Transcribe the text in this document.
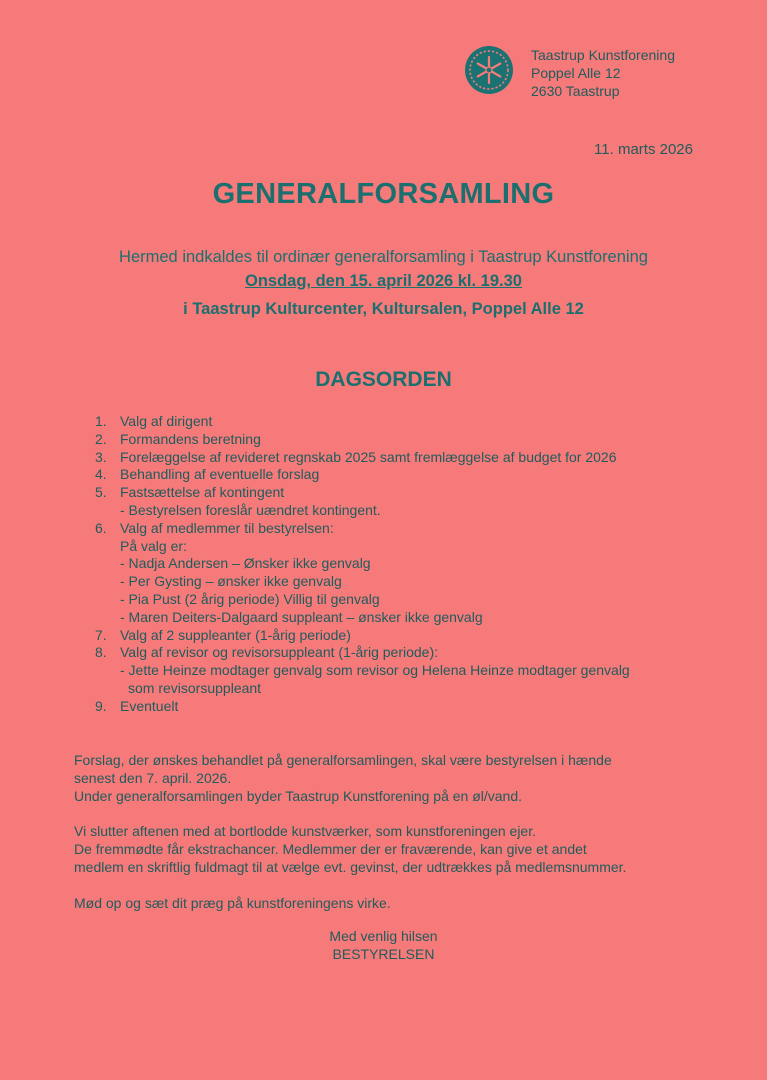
Taastrup Kunstforening
Poppel Alle 12
2630 Taastrup
11. marts 2026
GENERALFORSAMLING
Hermed indkaldes til ordinær generalforsamling i Taastrup Kunstforening
Onsdag, den 15. april 2026 kl. 19.30
i Taastrup Kulturcenter, Kultursalen, Poppel Alle 12
DAGSORDEN
1. Valg af dirigent
2. Formandens beretning
3. Forelæggelse af revideret regnskab 2025 samt fremlæggelse af budget for 2026
4. Behandling af eventuelle forslag
5. Fastsættelse af kontingent
- Bestyrelsen foreslår uændret kontingent.
6. Valg af medlemmer til bestyrelsen:
På valg er:
- Nadja Andersen – Ønsker ikke genvalg
- Per Gysting – ønsker ikke genvalg
- Pia Pust (2 årig periode) Villig til genvalg
- Maren Deiters-Dalgaard suppleant – ønsker ikke genvalg
7. Valg af 2 suppleanter (1-årig periode)
8. Valg af revisor og revisorsuppleant (1-årig periode):
- Jette Heinze modtager genvalg som revisor og Helena Heinze modtager genvalg
som revisorsuppleant
9. Eventuelt

Forslag, der ønskes behandlet på generalforsamlingen, skal være bestyrelsen i hænde
senest den 7. april. 2026.
Under generalforsamlingen byder Taastrup Kunstforening på en øl/vand.

Vi slutter aftenen med at bortlodde kunstværker, som kunstforeningen ejer.
De fremmødte får ekstrachancer. Medlemmer der er fraværende, kan give et andet
medlem en skriftlig fuldmagt til at vælge evt. gevinst, der udtrækkes på medlemsnummer.

Mød op og sæt dit præg på kunstforeningens virke.

Med venlig hilsen
BESTYRELSEN
